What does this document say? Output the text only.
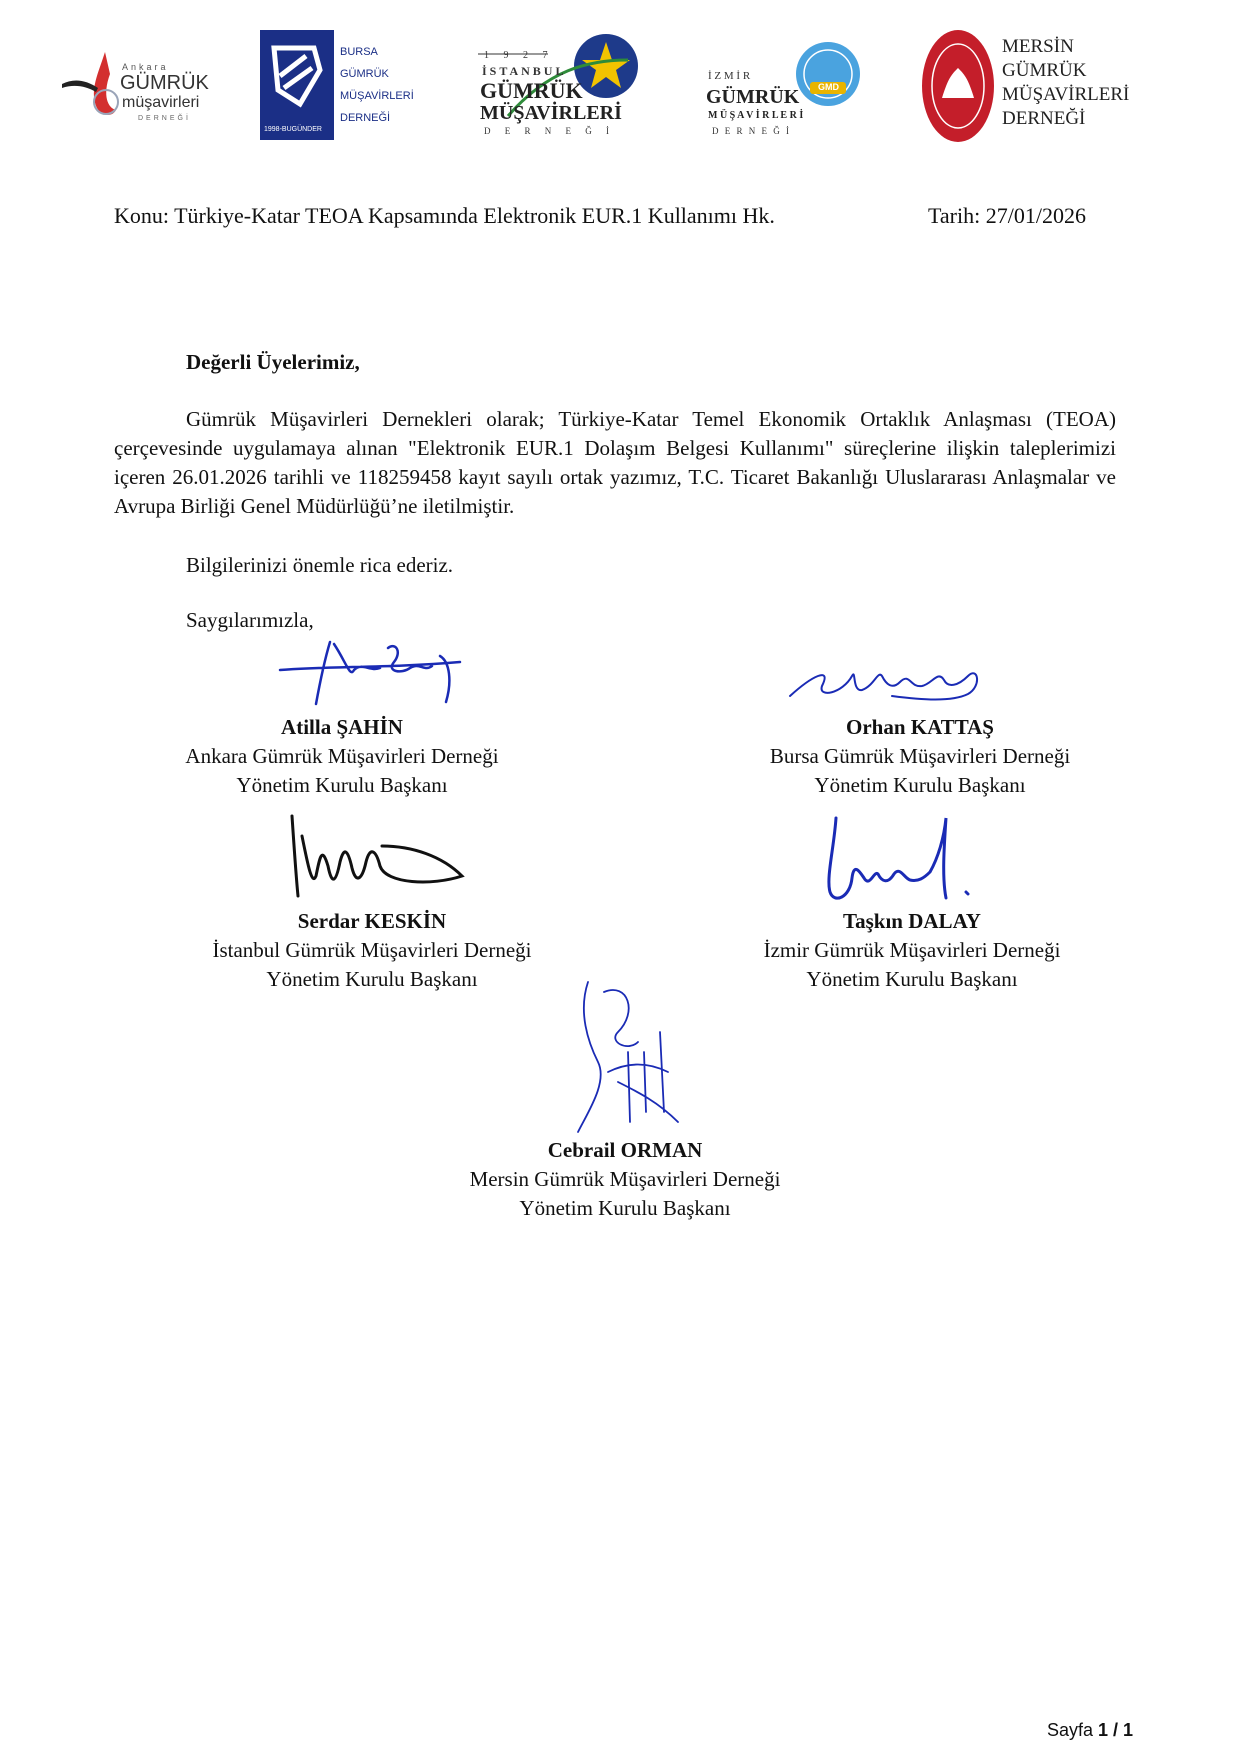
Ankara
GÜMRÜK
müşavirleri
DERNEĞİ
1998-BUGÜNDER
BURSA
GÜMRÜK
MÜŞAVİRLERİ
DERNEĞİ
1 9 2 7
İSTANBUL
GÜMRÜK
MÜŞAVİRLERİ
D E R N E Ğ İ
GMD
İ Z M İ R
GÜMRÜK
M Ü Ş A V İ R L E R İ
D E R N E Ğ İ
MERSİN
GÜMRÜK
MÜŞAVİRLERİ
DERNEĞİ
Konu: Türkiye-Katar TEOA Kapsamında Elektronik EUR.1 Kullanımı Hk.	Tarih: 27/01/2026
Değerli Üyelerimiz,

Gümrük Müşavirleri Dernekleri olarak; Türkiye-Katar Temel Ekonomik Ortaklık Anlaşması (TEOA) çerçevesinde uygulamaya alınan "Elektronik EUR.1 Dolaşım Belgesi Kullanımı" süreçlerine ilişkin taleplerimizi içeren 26.01.2026 tarihli ve 118259458 kayıt sayılı ortak yazımız, T.C. Ticaret Bakanlığı Uluslararası Anlaşmalar ve Avrupa Birliği Genel Müdürlüğü’ne iletilmiştir.

Bilgilerinizi önemle rica ederiz.
Saygılarımızla,
Atilla ŞAHİN
Ankara Gümrük Müşavirleri Derneği
Yönetim Kurulu Başkanı
Orhan KATTAŞ
Bursa Gümrük Müşavirleri Derneği
Yönetim Kurulu Başkanı
Serdar KESKİN
İstanbul Gümrük Müşavirleri Derneği
Yönetim Kurulu Başkanı
Taşkın DALAY
İzmir Gümrük Müşavirleri Derneği
Yönetim Kurulu Başkanı
Cebrail ORMAN
Mersin Gümrük Müşavirleri Derneği
Yönetim Kurulu Başkanı
Sayfa 1 / 1
